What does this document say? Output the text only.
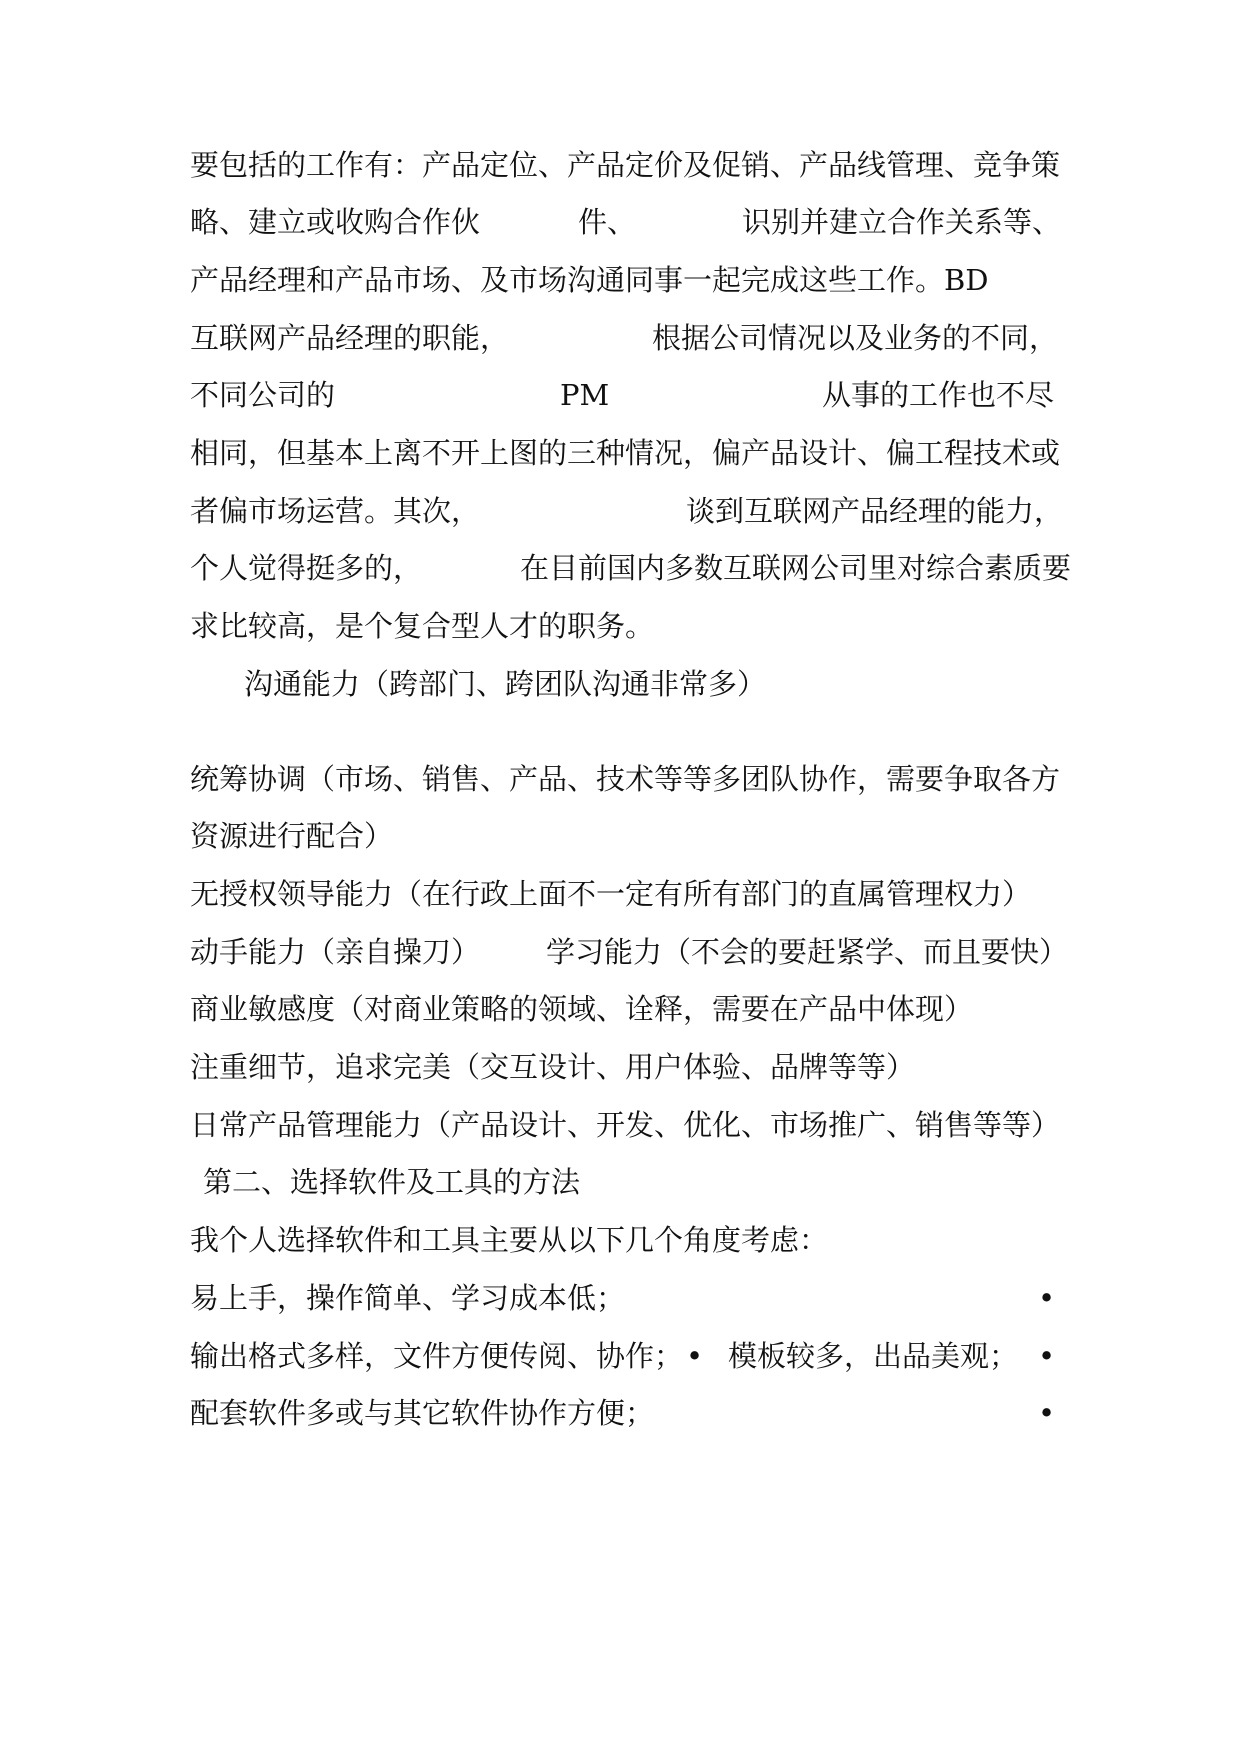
要包括的工作有：产品定位、产品定价及促销、产品线管理、竞争策
略、建立或收购合作伙	件、	识别并建立合作关系等、
产品经理和产品市场、及市场沟通同事一起完成这些工作。BD
互联网产品经理的职能，	根据公司情况以及业务的不同，
不同公司的	PM	从事的工作也不尽
相同，但基本上离不开上图的三种情况，偏产品设计、偏工程技术或
者偏市场运营。其次，	谈到互联网产品经理的能力，
个人觉得挺多的，	在目前国内多数互联网公司里对综合素质要
求比较高，是个复合型人才的职务。
沟通能力（跨部门、跨团队沟通非常多）
统筹协调（市场、销售、产品、技术等等多团队协作，需要争取各方
资源进行配合）
无授权领导能力（在行政上面不一定有所有部门的直属管理权力）
动手能力（亲自操刀） 学习能力（不会的要赶紧学、而且要快）
商业敏感度（对商业策略的领域、诠释，需要在产品中体现）
注重细节，追求完美（交互设计、用户体验、品牌等等）
日常产品管理能力（产品设计、开发、优化、市场推广、销售等等）
第二、选择软件及工具的方法
我个人选择软件和工具主要从以下几个角度考虑：
易上手，操作简单、学习成本低；	•
输出格式多样，文件方便传阅、协作； • 模板较多，出品美观； •
配套软件多或与其它软件协作方便；	•
